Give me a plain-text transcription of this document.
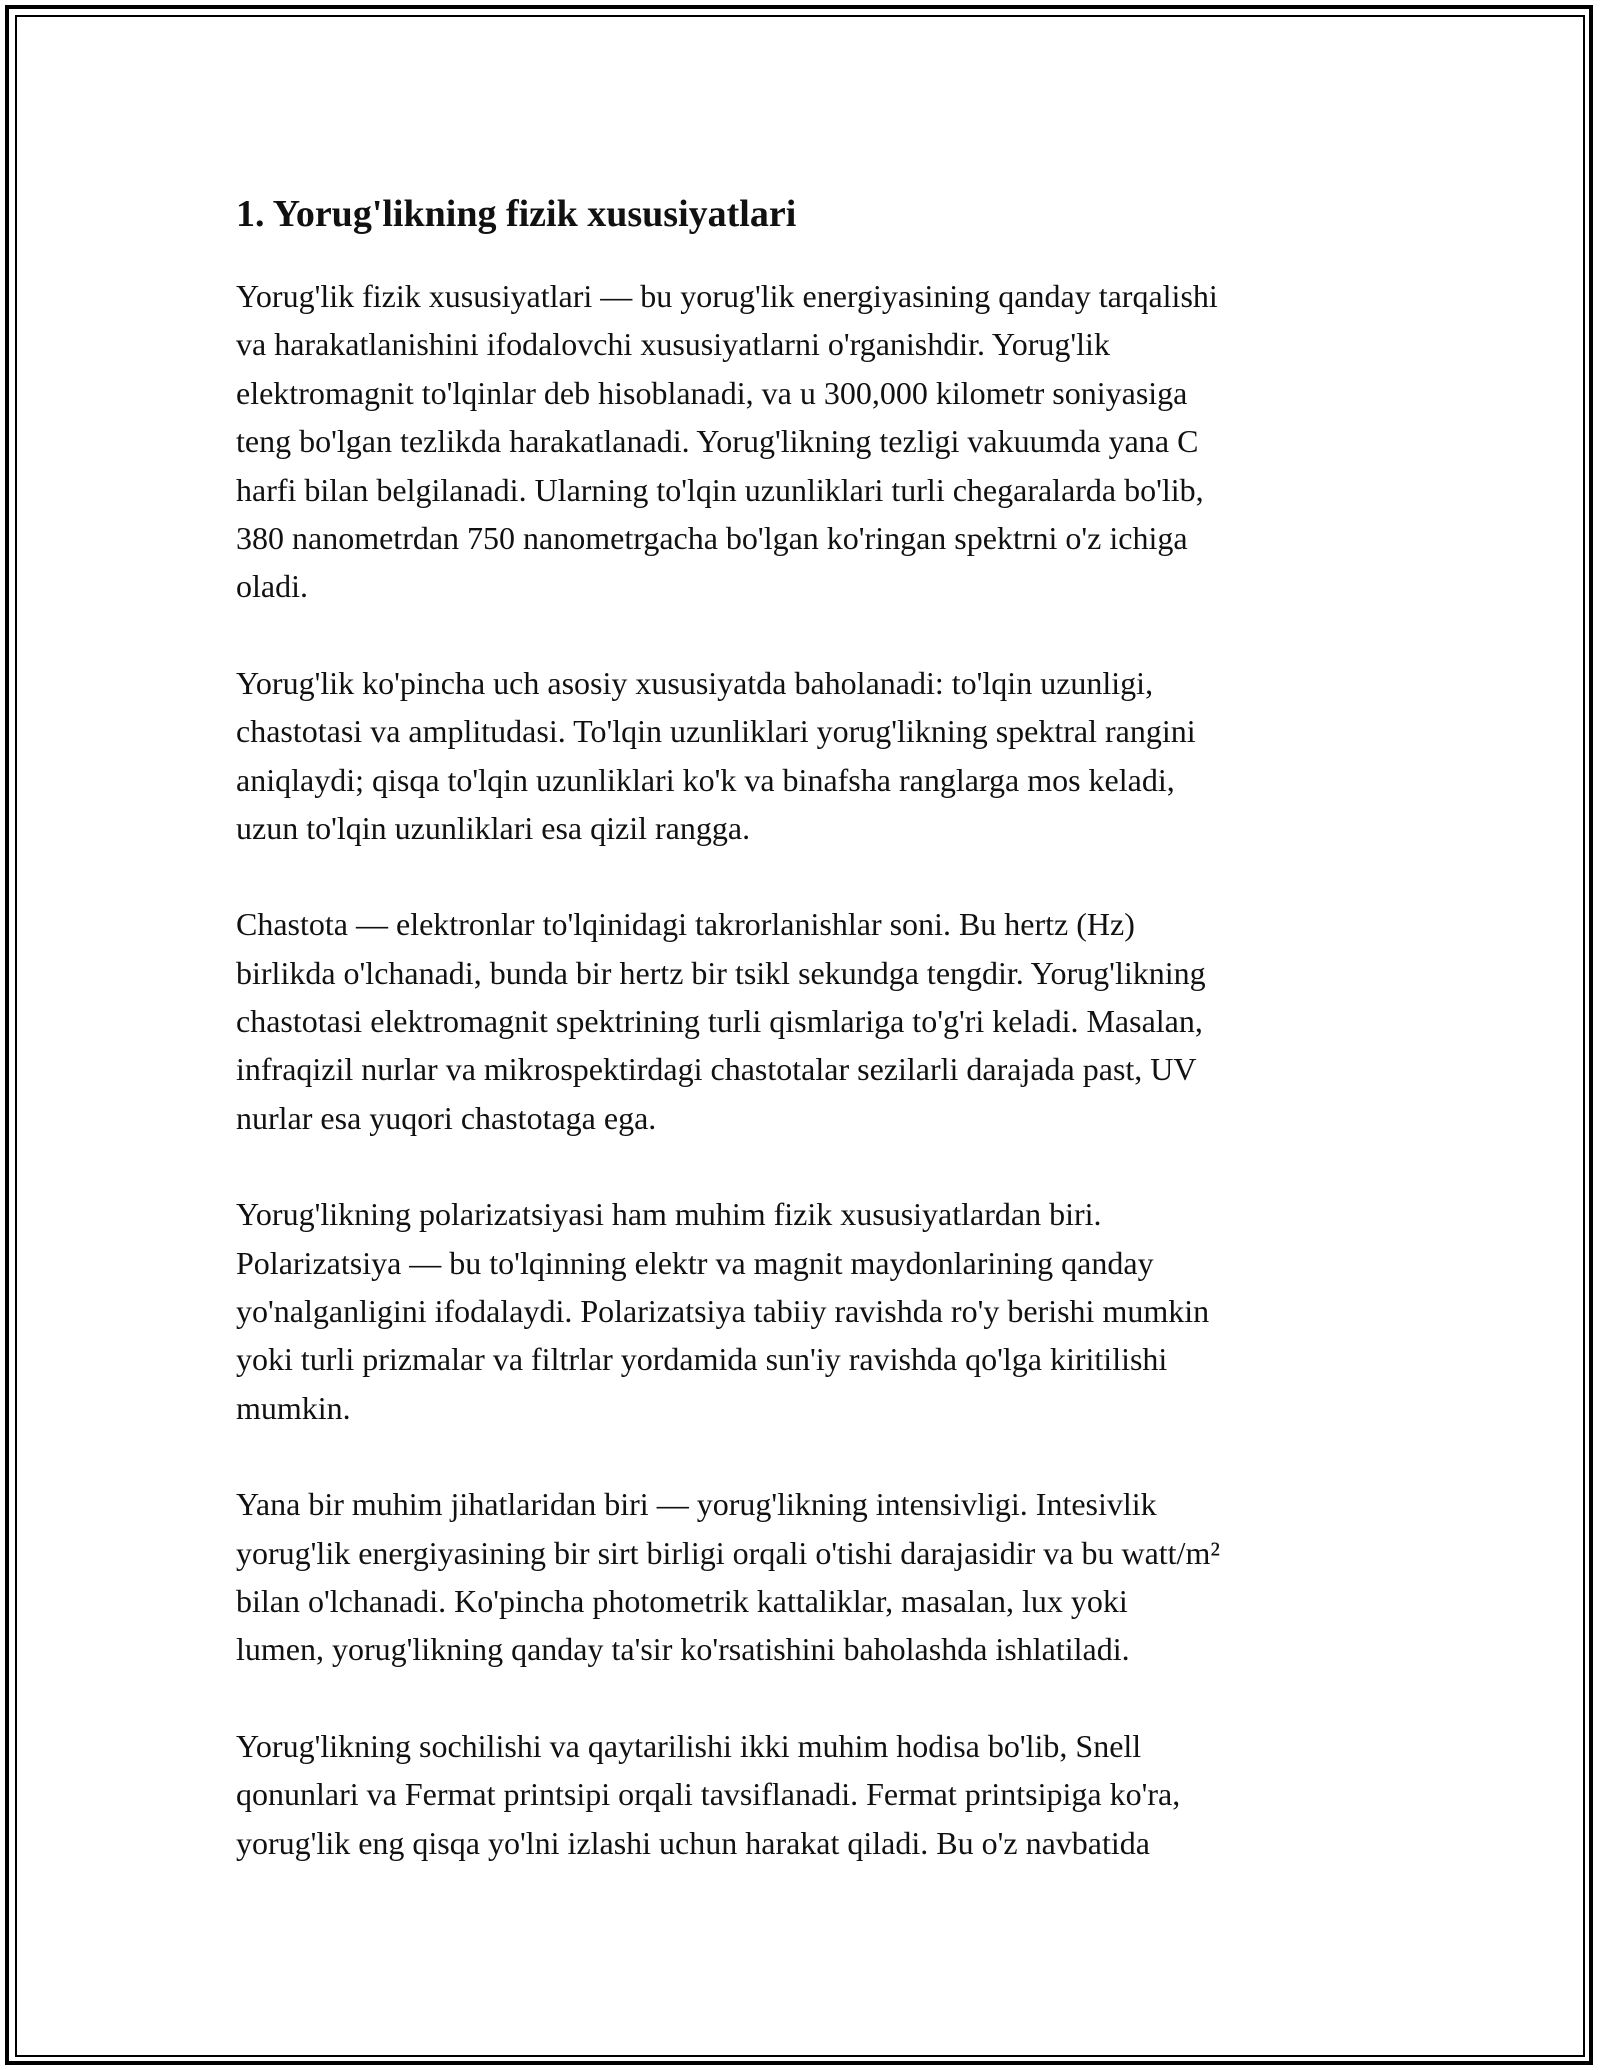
1. Yorug'likning fizik xususiyatlari

Yorug'lik fizik xususiyatlari — bu yorug'lik energiyasining qanday tarqalishi
va harakatlanishini ifodalovchi xususiyatlarni o'rganishdir. Yorug'lik
elektromagnit to'lqinlar deb hisoblanadi, va u 300,000 kilometr soniyasiga
teng bo'lgan tezlikda harakatlanadi. Yorug'likning tezligi vakuumda yana C
harfi bilan belgilanadi. Ularning to'lqin uzunliklari turli chegaralarda bo'lib,
380 nanometrdan 750 nanometrgacha bo'lgan ko'ringan spektrni o'z ichiga
oladi.

Yorug'lik ko'pincha uch asosiy xususiyatda baholanadi: to'lqin uzunligi,
chastotasi va amplitudasi. To'lqin uzunliklari yorug'likning spektral rangini
aniqlaydi; qisqa to'lqin uzunliklari ko'k va binafsha ranglarga mos keladi,
uzun to'lqin uzunliklari esa qizil rangga.

Chastota — elektronlar to'lqinidagi takrorlanishlar soni. Bu hertz (Hz)
birlikda o'lchanadi, bunda bir hertz bir tsikl sekundga tengdir. Yorug'likning
chastotasi elektromagnit spektrining turli qismlariga to'g'ri keladi. Masalan,
infraqizil nurlar va mikrospektirdagi chastotalar sezilarli darajada past, UV
nurlar esa yuqori chastotaga ega.

Yorug'likning polarizatsiyasi ham muhim fizik xususiyatlardan biri.
Polarizatsiya — bu to'lqinning elektr va magnit maydonlarining qanday
yo'nalganligini ifodalaydi. Polarizatsiya tabiiy ravishda ro'y berishi mumkin
yoki turli prizmalar va filtrlar yordamida sun'iy ravishda qo'lga kiritilishi
mumkin.

Yana bir muhim jihatlaridan biri — yorug'likning intensivligi. Intesivlik
yorug'lik energiyasining bir sirt birligi orqali o'tishi darajasidir va bu watt/m²
bilan o'lchanadi. Ko'pincha photometrik kattaliklar, masalan, lux yoki
lumen, yorug'likning qanday ta'sir ko'rsatishini baholashda ishlatiladi.

Yorug'likning sochilishi va qaytarilishi ikki muhim hodisa bo'lib, Snell
qonunlari va Fermat printsipi orqali tavsiflanadi. Fermat printsipiga ko'ra,
yorug'lik eng qisqa yo'lni izlashi uchun harakat qiladi. Bu o'z navbatida
